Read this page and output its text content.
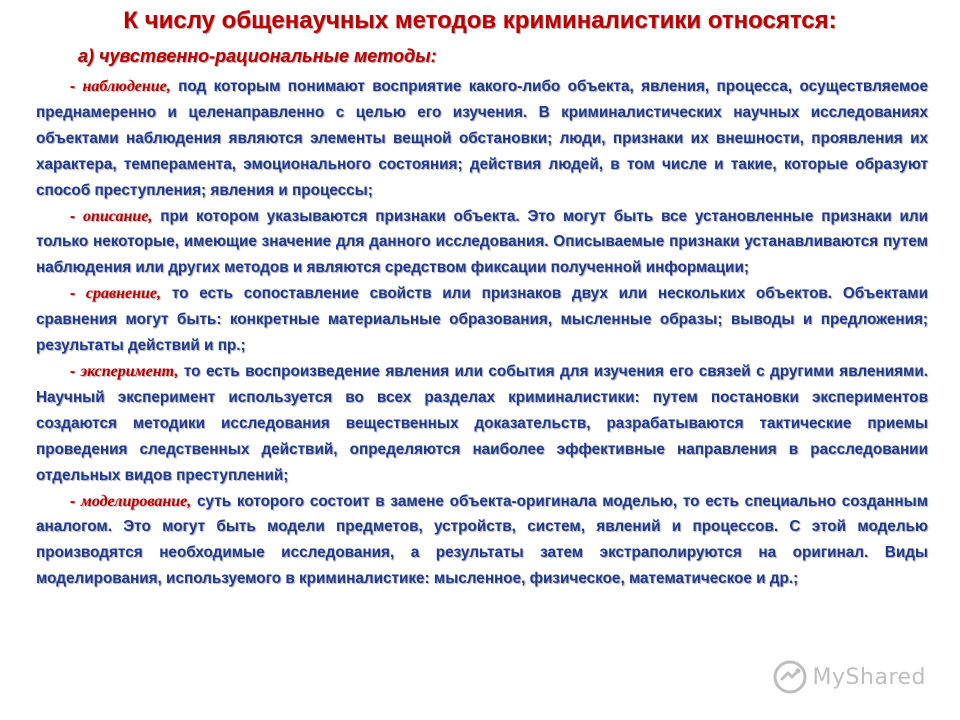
К числу общенаучных методов криминалистики относятся:
а) чувственно-рациональные методы:

- наблюдение, под которым понимают восприятие какого-либо объекта, явления, процесса, осуществляемое преднамеренно и целенаправленно с целью его изучения. В криминалистических научных исследованиях объектами наблюдения являются элементы вещной обстановки; люди, признаки их внешности, проявления их характера, темперамента, эмоционального состояния; действия людей, в том числе и такие, которые образуют способ преступления; явления и процессы;

- описание, при котором указываются признаки объекта. Это могут быть все установленные признаки или только некоторые, имеющие значение для данного исследования. Описываемые признаки устанавливаются путем наблюдения или других методов и являются средством фиксации полученной информации;

- сравнение, то есть сопоставление свойств или признаков двух или нескольких объектов. Объектами сравнения могут быть: конкретные материальные образования, мысленные образы; выводы и предложения; результаты действий и пр.;

- эксперимент, то есть воспроизведение явления или события для изучения его связей с другими явлениями. Научный эксперимент используется во всех разделах криминалистики: путем постановки экспериментов создаются методики исследования вещественных доказательств, разрабатываются тактические приемы проведения следственных действий, определяются наиболее эффективные направления в расследовании отдельных видов преступлений;

- моделирование, суть которого состоит в замене объекта-оригинала моделью, то есть специально созданным аналогом. Это могут быть модели предметов, устройств, систем, явлений и процессов. С этой моделью производятся необходимые исследования, а результаты затем экстраполируются на оригинал. Виды моделирования, используемого в криминалистике: мысленное, физическое, математическое и др.;

MyShared
